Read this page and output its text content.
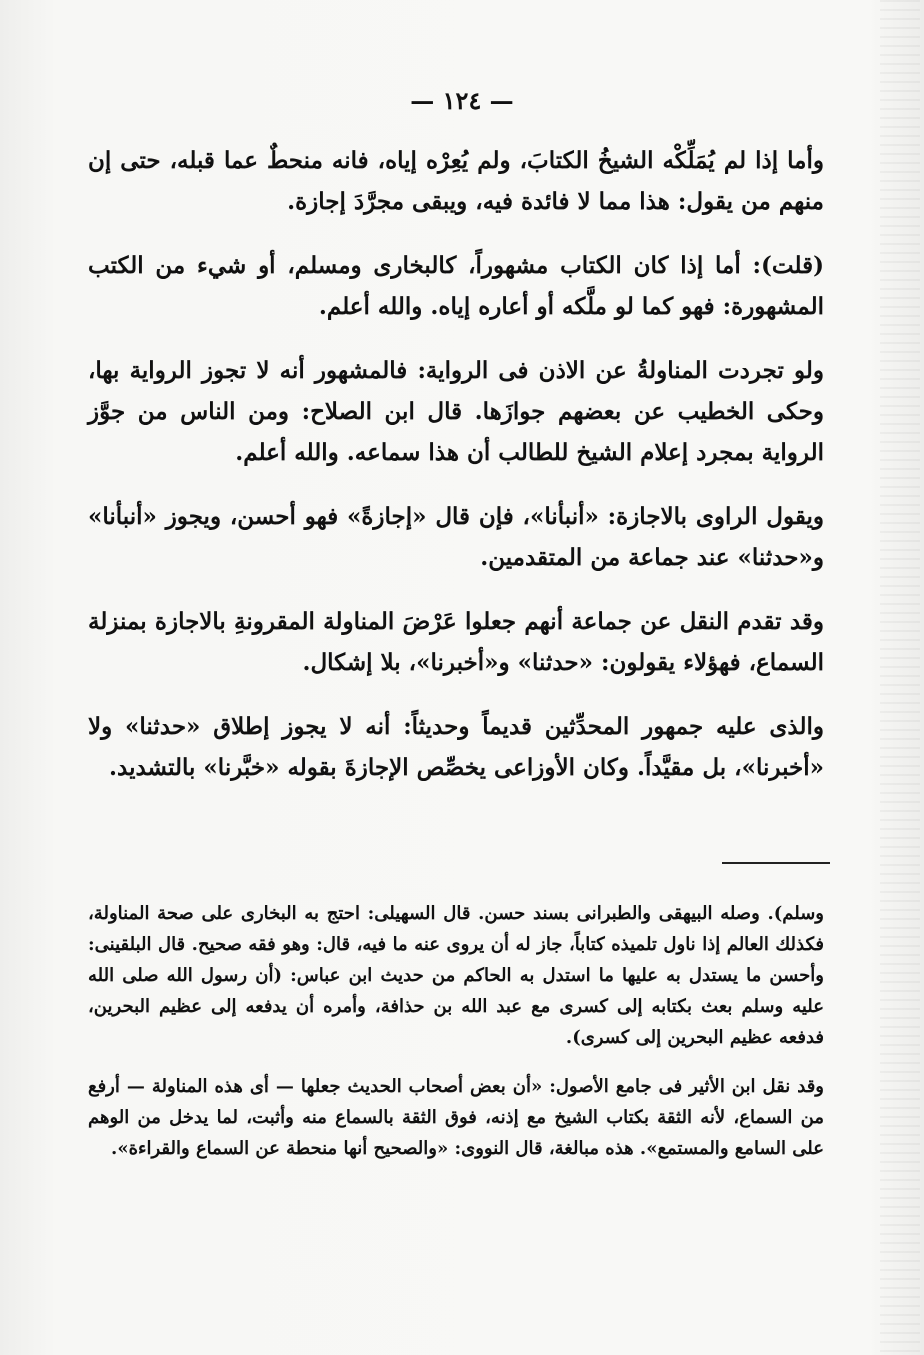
— ١٢٤ —

وأما إذا لم يُمَلِّكْه الشيخُ الكتابَ، ولم يُعِرْه إياه، فانه منحطٌ عما قبله، حتى إن منهم من يقول: هذا مما لا فائدة فيه، ويبقى مجرَّدَ إجازة.

(قلت): أما إذا كان الكتاب مشهوراً، كالبخارى ومسلم، أو شيء من الكتب المشهورة: فهو كما لو ملَّكه أو أعاره إياه. والله أعلم.

ولو تجردت المناولةُ عن الاذن فى الرواية: فالمشهور أنه لا تجوز الرواية بها، وحكى الخطيب عن بعضهم جوازَها. قال ابن الصلاح: ومن الناس من جوَّز الرواية بمجرد إعلام الشيخ للطالب أن هذا سماعه. والله أعلم.

ويقول الراوى بالاجازة: «أنبأنا»، فإن قال «إجازةً» فهو أحسن، ويجوز «أنبأنا» و«حدثنا» عند جماعة من المتقدمين.

وقد تقدم النقل عن جماعة أنهم جعلوا عَرْضَ المناولة المقرونةِ بالاجازة بمنزلة السماع، فهؤلاء يقولون: «حدثنا» و«أخبرنا»، بلا إشكال.

والذى عليه جمهور المحدِّثين قديماً وحديثاً: أنه لا يجوز إطلاق «حدثنا» ولا «أخبرنا»، بل مقيَّداً. وكان الأوزاعى يخصِّص الإجازةَ بقوله «خبَّرنا» بالتشديد.

وسلم). وصله البيهقى والطبرانى بسند حسن. قال السهيلى: احتج به البخارى على صحة المناولة، فكذلك العالم إذا ناول تلميذه كتاباً، جاز له أن يروى عنه ما فيه، قال: وهو فقه صحيح. قال البلقينى: وأحسن ما يستدل به عليها ما استدل به الحاكم من حديث ابن عباس: (أن رسول الله صلى الله عليه وسلم بعث بكتابه إلى كسرى مع عبد الله بن حذافة، وأمره أن يدفعه إلى عظيم البحرين، فدفعه عظيم البحرين إلى كسرى).

وقد نقل ابن الأثير فى جامع الأصول: «أن بعض أصحاب الحديث جعلها — أى هذه المناولة — أرفع من السماع، لأنه الثقة بكتاب الشيخ مع إذنه، فوق الثقة بالسماع منه وأثبت، لما يدخل من الوهم على السامع والمستمع». هذه مبالغة، قال النووى: «والصحيح أنها منحطة عن السماع والقراءة».
